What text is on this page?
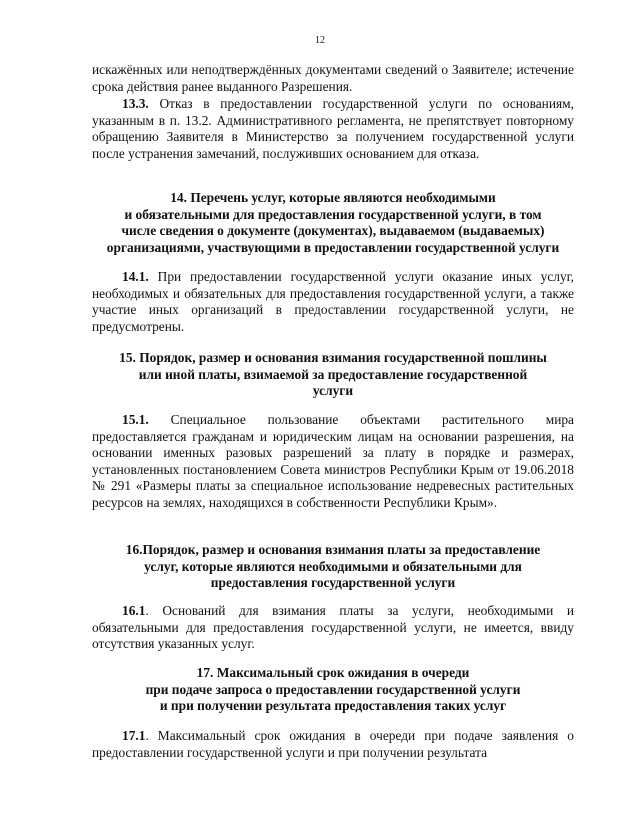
12

искажённых или неподтверждённых документами сведений о Заявителе; истечение срока действия ранее выданного Разрешения.

13.3. Отказ в предоставлении государственной услуги по основаниям, указанным в п. 13.2. Административного регламента, не препятствует повторному обращению Заявителя в Министерство за получением государственной услуги после устранения замечаний, послуживших основанием для отказа.

14. Перечень услуг, которые являются необходимыми
и обязательными для предоставления государственной услуги, в том
числе сведения о документе (документах), выдаваемом (выдаваемых)
организациями, участвующими в предоставлении государственной услуги

14.1. При предоставлении государственной услуги оказание иных услуг, необходимых и обязательных для предоставления государственной услуги, а также участие иных организаций в предоставлении государственной услуги, не предусмотрены.

15. Порядок, размер и основания взимания государственной пошлины
или иной платы, взимаемой за предоставление государственной
услуги

15.1. Специальное пользование объектами растительного мира предоставляется гражданам и юридическим лицам на основании разрешения, на основании именных разовых разрешений за плату в порядке и размерах, установленных постановлением Совета министров Республики Крым от 19.06.2018 № 291 «Размеры платы за специальное использование недревесных растительных ресурсов на землях, находящихся в собственности Республики Крым».

16.Порядок, размер и основания взимания платы за предоставление
услуг, которые являются необходимыми и обязательными для
предоставления государственной услуги

16.1. Оснований для взимания платы за услуги, необходимыми и обязательными для предоставления государственной услуги, не имеется, ввиду отсутствия указанных услуг.

17. Максимальный срок ожидания в очереди
при подаче запроса о предоставлении государственной услуги
и при получении результата предоставления таких услуг

17.1. Максимальный срок ожидания в очереди при подаче заявления о предоставлении государственной услуги и при получении результата
